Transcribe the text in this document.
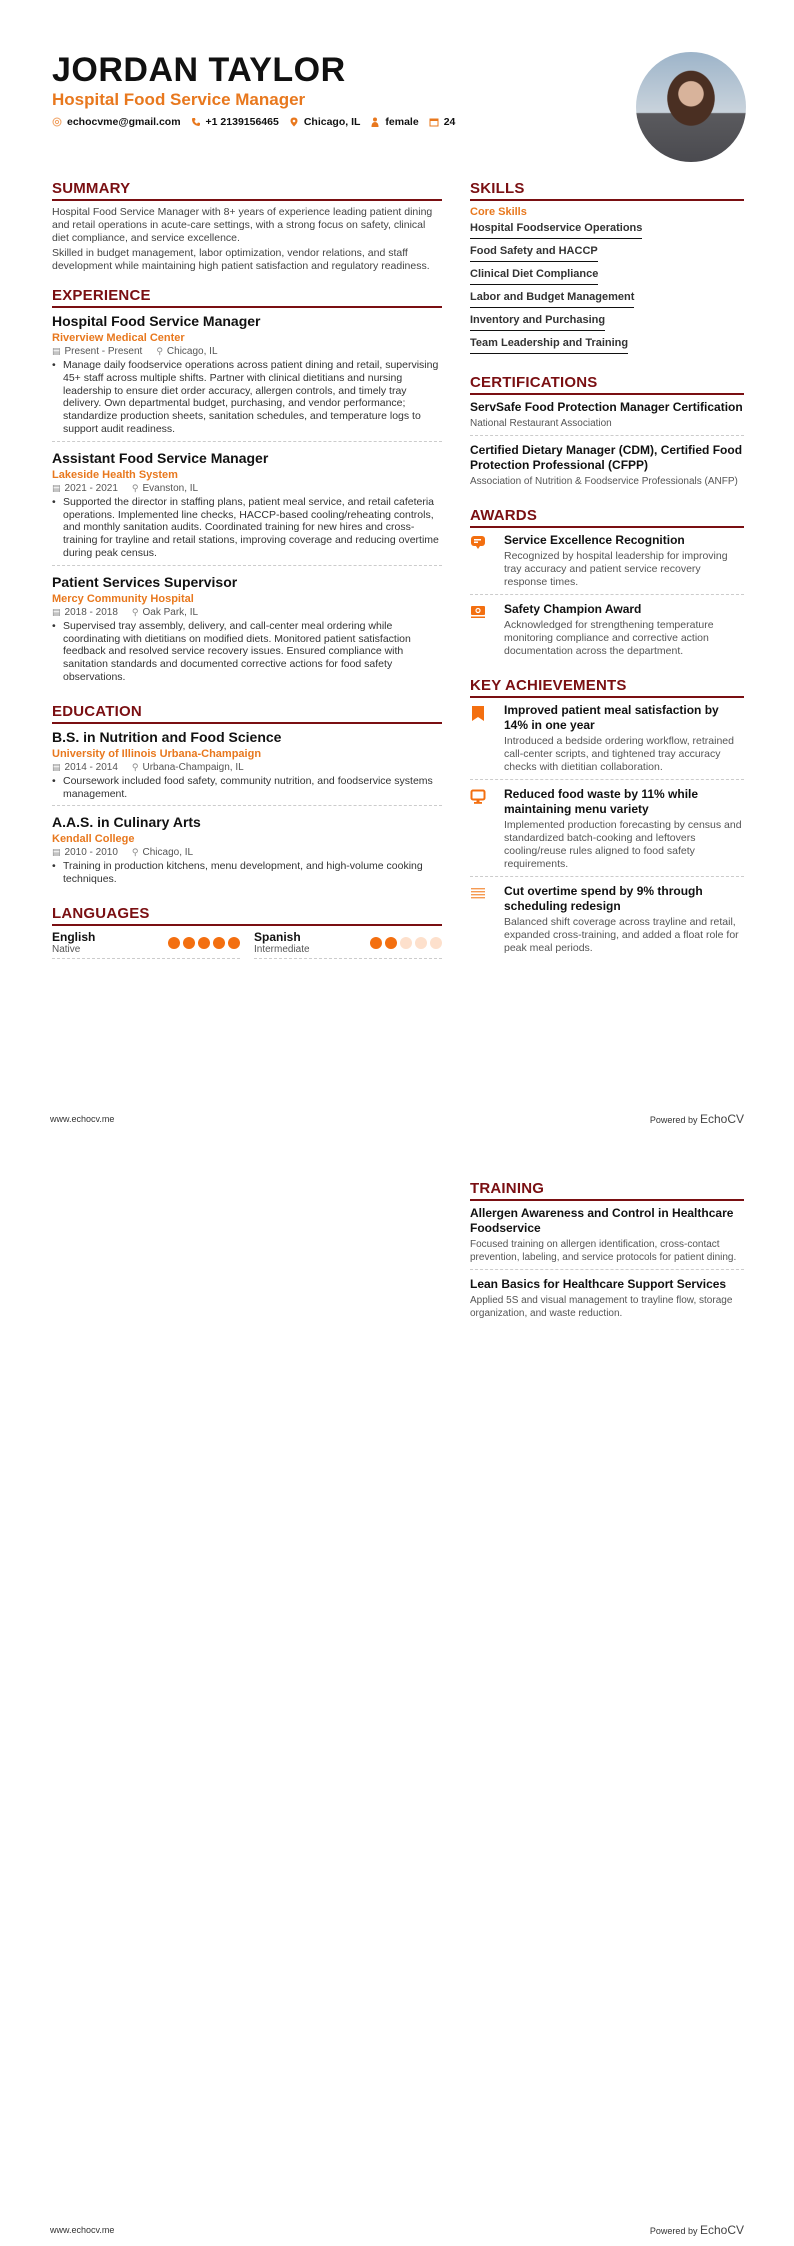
JORDAN TAYLOR
Hospital Food Service Manager
echocvme@gmail.com +1 2139156465 Chicago, IL female 24
SUMMARY

Hospital Food Service Manager with 8+ years of experience leading patient dining and retail operations in acute-care settings, with a strong focus on safety, clinical diet compliance, and service excellence.

Skilled in budget management, labor optimization, vendor relations, and staff development while maintaining high patient satisfaction and regulatory readiness.

EXPERIENCE
Hospital Food Service Manager
Riverview Medical Center
▤ Present - Present ⚲ Chicago, IL
• Manage daily foodservice operations across patient dining and retail, supervising 45+ staff across multiple shifts. Partner with clinical dietitians and nursing leadership to ensure diet order accuracy, allergen controls, and timely tray delivery. Own departmental budget, purchasing, and vendor performance; standardize production sheets, sanitation schedules, and temperature logs to support audit readiness.
Assistant Food Service Manager
Lakeside Health System
▤ 2021 - 2021 ⚲ Evanston, IL
• Supported the director in staffing plans, patient meal service, and retail cafeteria operations. Implemented line checks, HACCP-based cooling/reheating controls, and monthly sanitation audits. Coordinated training for new hires and cross-training for trayline and retail stations, improving coverage and reducing overtime during peak census.
Patient Services Supervisor
Mercy Community Hospital
▤ 2018 - 2018 ⚲ Oak Park, IL
• Supervised tray assembly, delivery, and call-center meal ordering while coordinating with dietitians on modified diets. Monitored patient satisfaction feedback and resolved service recovery issues. Ensured compliance with sanitation standards and documented corrective actions for food safety observations.
EDUCATION
B.S. in Nutrition and Food Science
University of Illinois Urbana-Champaign
▤ 2014 - 2014 ⚲ Urbana-Champaign, IL
• Coursework included food safety, community nutrition, and foodservice systems management.
A.A.S. in Culinary Arts
Kendall College
▤ 2010 - 2010 ⚲ Chicago, IL
• Training in production kitchens, menu development, and high-volume cooking techniques.
LANGUAGES
English
Native
Spanish
Intermediate
SKILLS
Core Skills
Hospital Foodservice Operations
Food Safety and HACCP
Clinical Diet Compliance
Labor and Budget Management
Inventory and Purchasing
Team Leadership and Training
CERTIFICATIONS
ServSafe Food Protection Manager Certification
National Restaurant Association
Certified Dietary Manager (CDM), Certified Food Protection Professional (CFPP)
Association of Nutrition & Foodservice Professionals (ANFP)
AWARDS
Service Excellence Recognition
Recognized by hospital leadership for improving tray accuracy and patient service recovery response times.
Safety Champion Award
Acknowledged for strengthening temperature monitoring compliance and corrective action documentation across the department.
KEY ACHIEVEMENTS
Improved patient meal satisfaction by 14% in one year
Introduced a bedside ordering workflow, retrained call-center scripts, and tightened tray accuracy checks with dietitian collaboration.
Reduced food waste by 11% while maintaining menu variety
Implemented production forecasting by census and standardized batch-cooking and leftovers cooling/reuse rules aligned to food safety requirements.
Cut overtime spend by 9% through scheduling redesign
Balanced shift coverage across trayline and retail, expanded cross-training, and added a float role for peak meal periods.
www.echocv.me	Powered by EchoCV
TRAINING
Allergen Awareness and Control in Healthcare Foodservice
Focused training on allergen identification, cross-contact prevention, labeling, and service protocols for patient dining.
Lean Basics for Healthcare Support Services
Applied 5S and visual management to trayline flow, storage organization, and waste reduction.
www.echocv.me	Powered by EchoCV
